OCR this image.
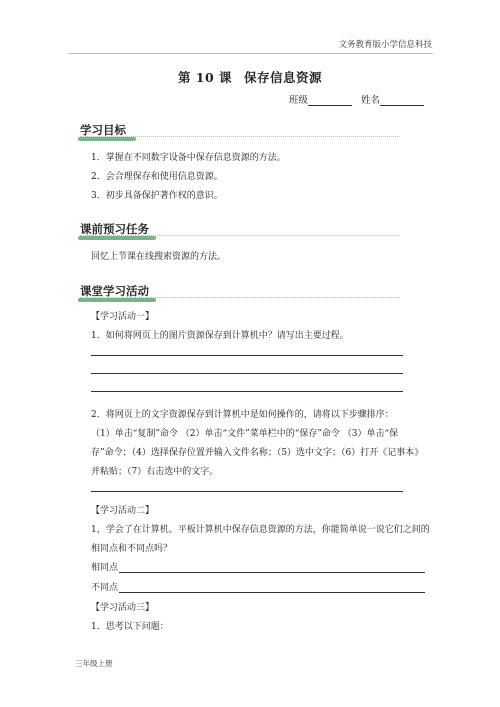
文务教育版小学信息科技
第 10 课 保存信息资源
班级	姓名
学习目标
1．掌握在不同数字设备中保存信息资源的方法。
2．会合理保存和使用信息资源。
3．初步具备保护著作权的意识。
课前预习任务
回忆上节课在线搜索资源的方法。
课堂学习活动
【学习活动一】
1．如何将网页上的图片资源保存到计算机中？请写出主要过程。
2．将网页上的文字资源保存到计算机中是如何操作的，请将以下步骤排序：
（1）单击“复制”命令 （2）单击“文件”菜单栏中的“保存”命令 （3）单击“保
存”命令；（4）选择保存位置并输入文件名称；（5）选中文字；（6）打开《记事本》
并粘贴；（7）右击选中的文字。
【学习活动二】
1，学会了在计算机、平板计算机中保存信息资源的方法，你能简单说一说它们之间的
相同点和不同点吗？
相同点
不同点
【学习活动三】
1．思考以下问题：
三年级上册
